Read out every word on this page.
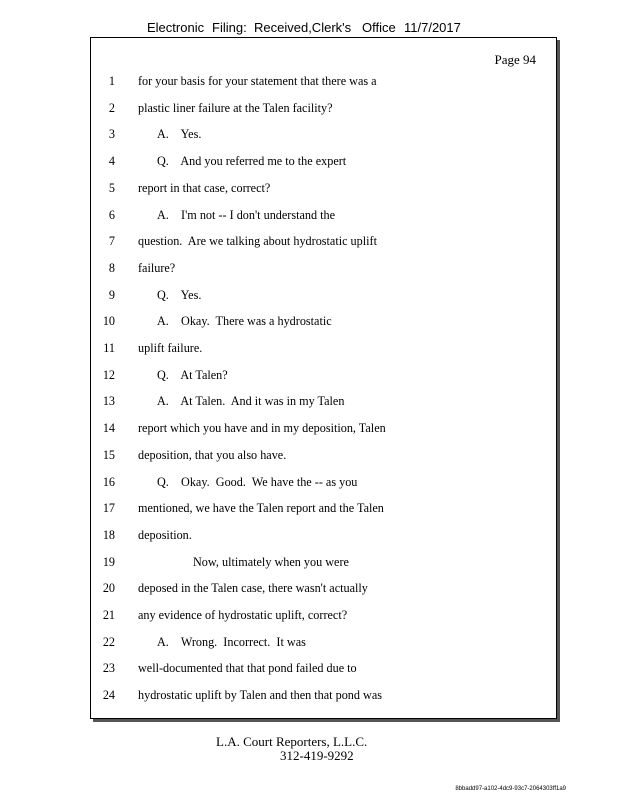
Electronic Filing: Received,Clerk's Office 11/7/2017
Page 94
1 for your basis for your statement that there was a
2 plastic liner failure at the Talen facility?
3	A.    Yes.
4	Q.    And you referred me to the expert
5 report in that case, correct?
6	A.    I'm not -- I don't understand the
7 question.  Are we talking about hydrostatic uplift
8 failure?
9	Q.    Yes.
10	A.    Okay.  There was a hydrostatic
11 uplift failure.
12	Q.    At Talen?
13	A.    At Talen.  And it was in my Talen
14 report which you have and in my deposition, Talen
15 deposition, that you also have.
16	Q.    Okay.  Good.  We have the -- as you
17 mentioned, we have the Talen report and the Talen
18 deposition.
19	Now, ultimately when you were
20 deposed in the Talen case, there wasn't actually
21 any evidence of hydrostatic uplift, correct?
22	A.    Wrong.  Incorrect.  It was
23 well-documented that that pond failed due to
24 hydrostatic uplift by Talen and then that pond was
L.A. Court Reporters, L.L.C.
312-419-9292
8bbadd97-a102-4dc9-93c7-2064303ff1a9
